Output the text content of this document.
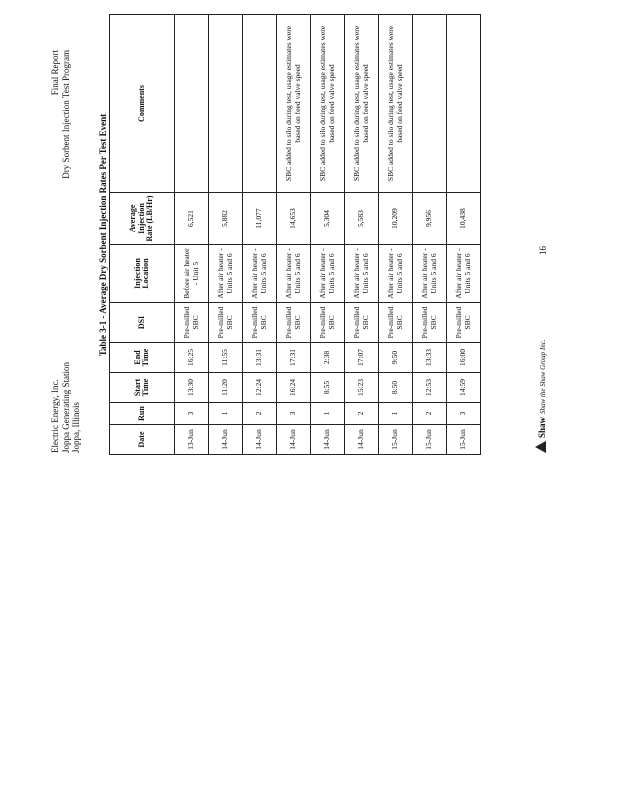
Electric Energy, Inc. Joppa Generating Station Joppa, Illinois
Final Report Dry Sorbent Injection Test Program	Table 3-1 - Average Dry Sorbent Injection Rates Per Test Event
Date	Run	Start Time	End Time	DSI	Injection Location	Average Injection Rate (LB/Hr)	Comments
13-Jun	3	13:30	16:25	Pre-milled SBC	Before air heater - Unit 5	6,521	
14-Jun	1	11:20	11:55	Pre-milled SBC	After air heater - Units 5 and 6	5,882	
14-Jun	2	12:24	13:31	Pre-milled SBC	After air heater - Units 5 and 6	11,077	
14-Jun	3	16:24	17:31	Pre-milled SBC	After air heater - Units 5 and 6	14,653	SBC added to silo during test, usage estimates were based on feed valve speed
14-Jun	1	8:55	2:38	Pre-milled SBC	After air heater - Units 5 and 6	5,304	SBC added to silo during test, usage estimates were based on feed valve speed
14-Jun	2	15:23	17:07	Pre-milled SBC	After air heater - Units 5 and 6	5,583	SBC added to silo during test, usage estimates were based on feed valve speed
15-Jun	1	8:50	9:50	Pre-milled SBC	After air heater - Units 5 and 6	10,209	SBC added to silo during test, usage estimates were based on feed valve speed
15-Jun	2	12:53	13:33	Pre-milled SBC	After air heater - Units 5 and 6	9,956	
15-Jun	3	14:59	16:00	Pre-milled SBC	After air heater - Units 5 and 6	10,438	
ShawShaw the Shaw Group Inc.
16
